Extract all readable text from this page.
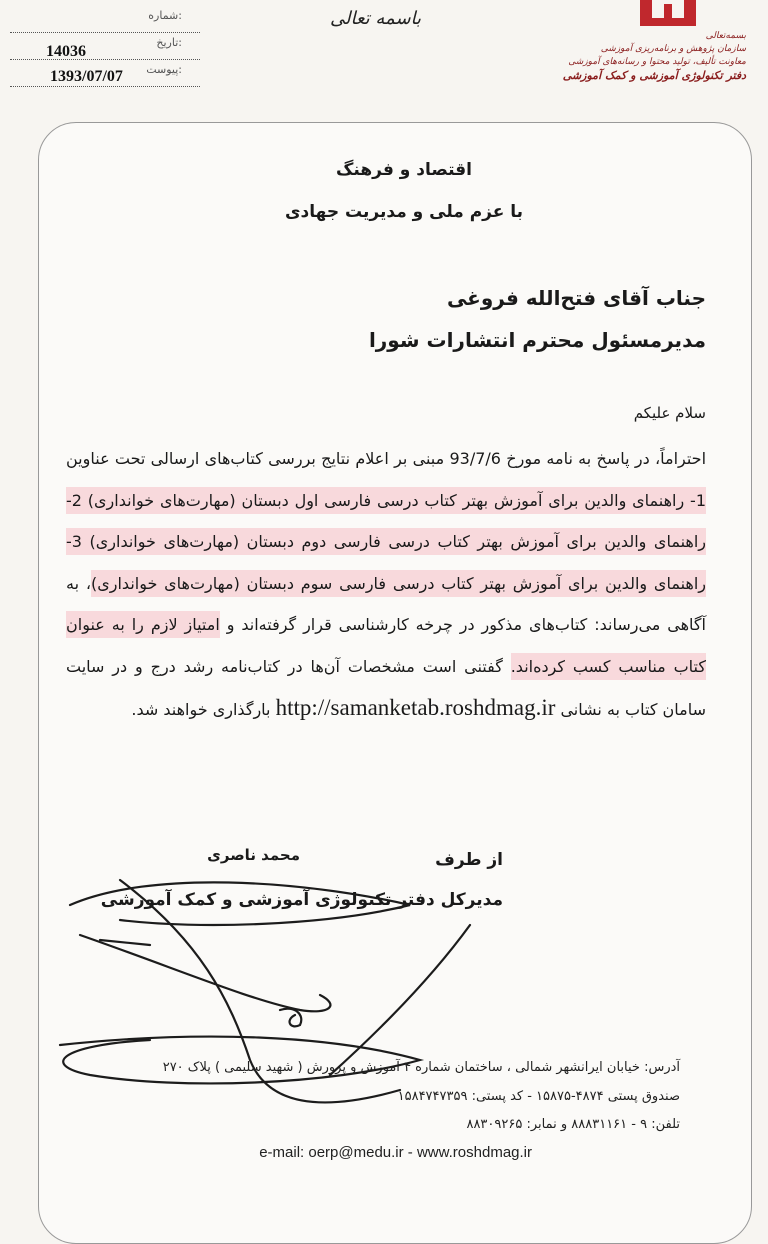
شماره:
تاریخ:
14036
پیوست:
1393/07/07
باسمه تعالی
بسمه‌تعالی
سازمان پژوهش و برنامه‌ریزی آموزشی
معاونت تألیف، تولید محتوا و رسانه‌های آموزشی
دفتر تکنولوژی آموزشی و کمک آموزشی
اقتصاد و فرهنگ
با عزم ملی و مدیریت جهادی
جناب آقای فتح‌الله فروغی
مدیرمسئول محترم انتشارات شورا
سلام علیکم
احتراماً، در پاسخ به نامه مورخ 93/7/6 مبنی بر اعلام نتایج بررسی کتاب‌های ارسالی تحت عناوین 1- راهنمای والدین برای آموزش بهتر کتاب درسی فارسی اول دبستان (مهارت‌های خوانداری) 2- راهنمای والدین برای آموزش بهتر کتاب درسی فارسی دوم دبستان (مهارت‌های خوانداری) 3- راهنمای والدین برای آموزش بهتر کتاب درسی فارسی سوم دبستان (مهارت‌های خوانداری)، به آگاهی می‌رساند: کتاب‌های مذکور در چرخه کارشناسی قرار گرفته‌اند و امتیاز لازم را به عنوان کتاب مناسب کسب کرده‌اند. گفتنی است مشخصات آن‌ها در کتاب‌نامه رشد درج و در سایت سامان کتاب به نشانی http://samanketab.roshdmag.ir بارگذاری خواهند شد.
از طرف
محمد ناصری
مدیرکل دفتر تکنولوژی آموزشی و کمک آموزشی
آدرس: خیابان ایرانشهر شمالی ، ساختمان شماره ۴ آموزش و پرورش ( شهید سلیمی ) پلاک ۲۷۰
صندوق پستی ۴۸۷۴-۱۵۸۷۵ - کد پستی: ۱۵۸۴۷۴۷۳۵۹
تلفن: ۹ - ۸۸۸۳۱۱۶۱ و نمابر: ۸۸۳۰۹۲۶۵
e-mail: oerp@medu.ir - www.roshdmag.ir
